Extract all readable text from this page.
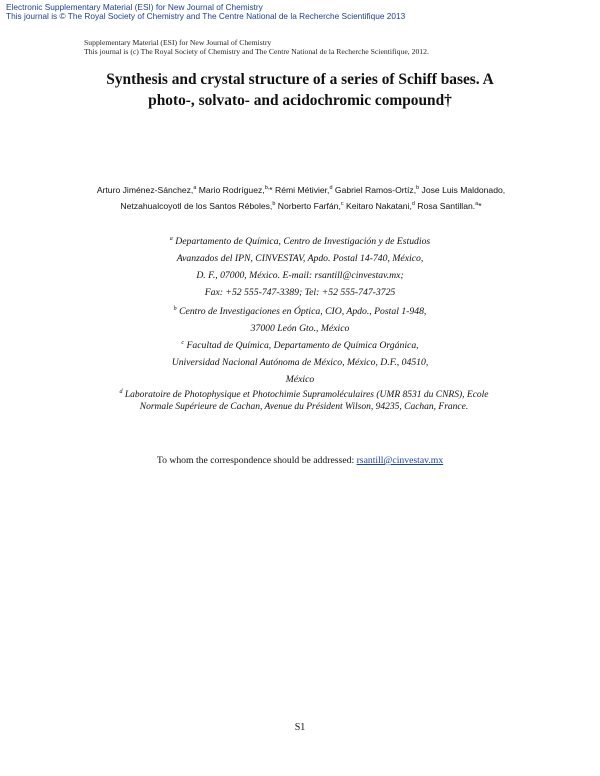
Electronic Supplementary Material (ESI) for New Journal of Chemistry
This journal is © The Royal Society of Chemistry and The Centre National de la Recherche Scientifique 2013
Supplementary Material (ESI) for New Journal of Chemistry
This journal is (c) The Royal Society of Chemistry and The Centre National de la Recherche Scientifique, 2012.
Synthesis and crystal structure of a series of Schiff bases. A
photo-, solvato- and acidochromic compound†
Arturo Jiménez-Sánchez,$^a$ Mario Rodríguez,$^{b,}$* Rémi Métivier,$^d$ Gabriel Ramos-Ortíz,$^b$ Jose Luis Maldonado, Netzahualcoyotl de los Santos Réboles,$^b$ Norberto Farfán,$^c$ Keitaro Nakatani,$^d$ Rosa Santillan.$^a$*
$^a$ Departamento de Química, Centro de Investigación y de Estudios
Avanzados del IPN, CINVESTAV, Apdo. Postal 14-740, México,
D. F., 07000, México. E-mail: rsantill@cinvestav.mx;
Fax: +52 555-747-3389; Tel: +52 555-747-3725
$^b$ Centro de Investigaciones en Óptica, CIO, Apdo., Postal 1-948,
37000 León Gto., México
$^c$ Facultad de Química, Departamento de Química Orgánica,
Universidad Nacional Autónoma de México, México, D.F., 04510,
México
$^d$ Laboratoire de Photophysique et Photochimie Supramoléculaires (UMR 8531 du CNRS), Ecole
Normale Supérieure de Cachan, Avenue du Président Wilson, 94235, Cachan, France.
To whom the correspondence should be addressed: rsantill@cinvestav.mx
S1
